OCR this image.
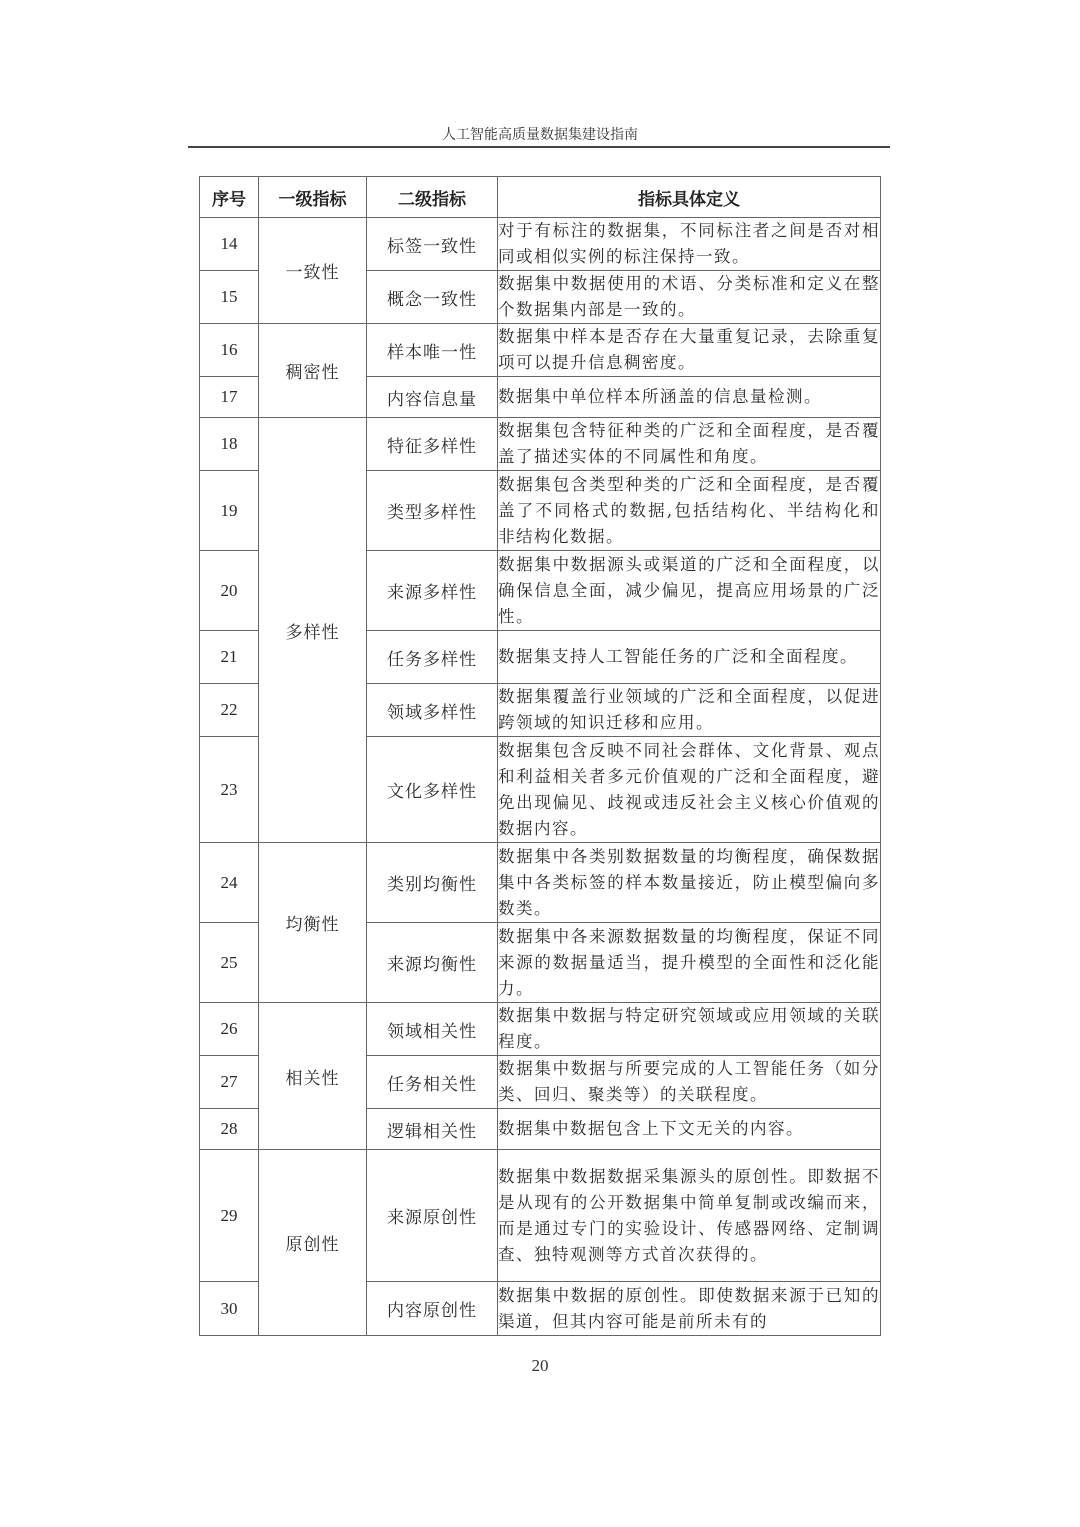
人工智能高质量数据集建设指南
序号	一级指标	二级指标	指标具体定义
14	一致性	标签一致性	对于有标注的数据集，不同标注者之间是否对相同或相似实例的标注保持一致。
15		概念一致性	数据集中数据使用的术语、分类标准和定义在整个数据集内部是一致的。
16	稠密性	样本唯一性	数据集中样本是否存在大量重复记录，去除重复项可以提升信息稠密度。
17		内容信息量	数据集中单位样本所涵盖的信息量检测。
18	多样性	特征多样性	数据集包含特征种类的广泛和全面程度，是否覆盖了描述实体的不同属性和角度。
19		类型多样性	数据集包含类型种类的广泛和全面程度，是否覆盖了不同格式的数据,包括结构化、半结构化和非结构化数据。
20		来源多样性	数据集中数据源头或渠道的广泛和全面程度，以确保信息全面，减少偏见，提高应用场景的广泛性。
21		任务多样性	数据集支持人工智能任务的广泛和全面程度。
22		领域多样性	数据集覆盖行业领域的广泛和全面程度，以促进跨领域的知识迁移和应用。
23		文化多样性	数据集包含反映不同社会群体、文化背景、观点和利益相关者多元价值观的广泛和全面程度，避免出现偏见、歧视或违反社会主义核心价值观的数据内容。
24	均衡性	类别均衡性	数据集中各类别数据数量的均衡程度，确保数据集中各类标签的样本数量接近，防止模型偏向多数类。
25		来源均衡性	数据集中各来源数据数量的均衡程度，保证不同来源的数据量适当，提升模型的全面性和泛化能力。
26	相关性	领域相关性	数据集中数据与特定研究领域或应用领域的关联程度。
27		任务相关性	数据集中数据与所要完成的人工智能任务（如分类、回归、聚类等）的关联程度。
28		逻辑相关性	数据集中数据包含上下文无关的内容。
29	原创性	来源原创性	数据集中数据数据采集源头的原创性。即数据不是从现有的公开数据集中简单复制或改编而来，而是通过专门的实验设计、传感器网络、定制调查、独特观测等方式首次获得的。
30		内容原创性	数据集中数据的原创性。即使数据来源于已知的渠道，但其内容可能是前所未有的
20
